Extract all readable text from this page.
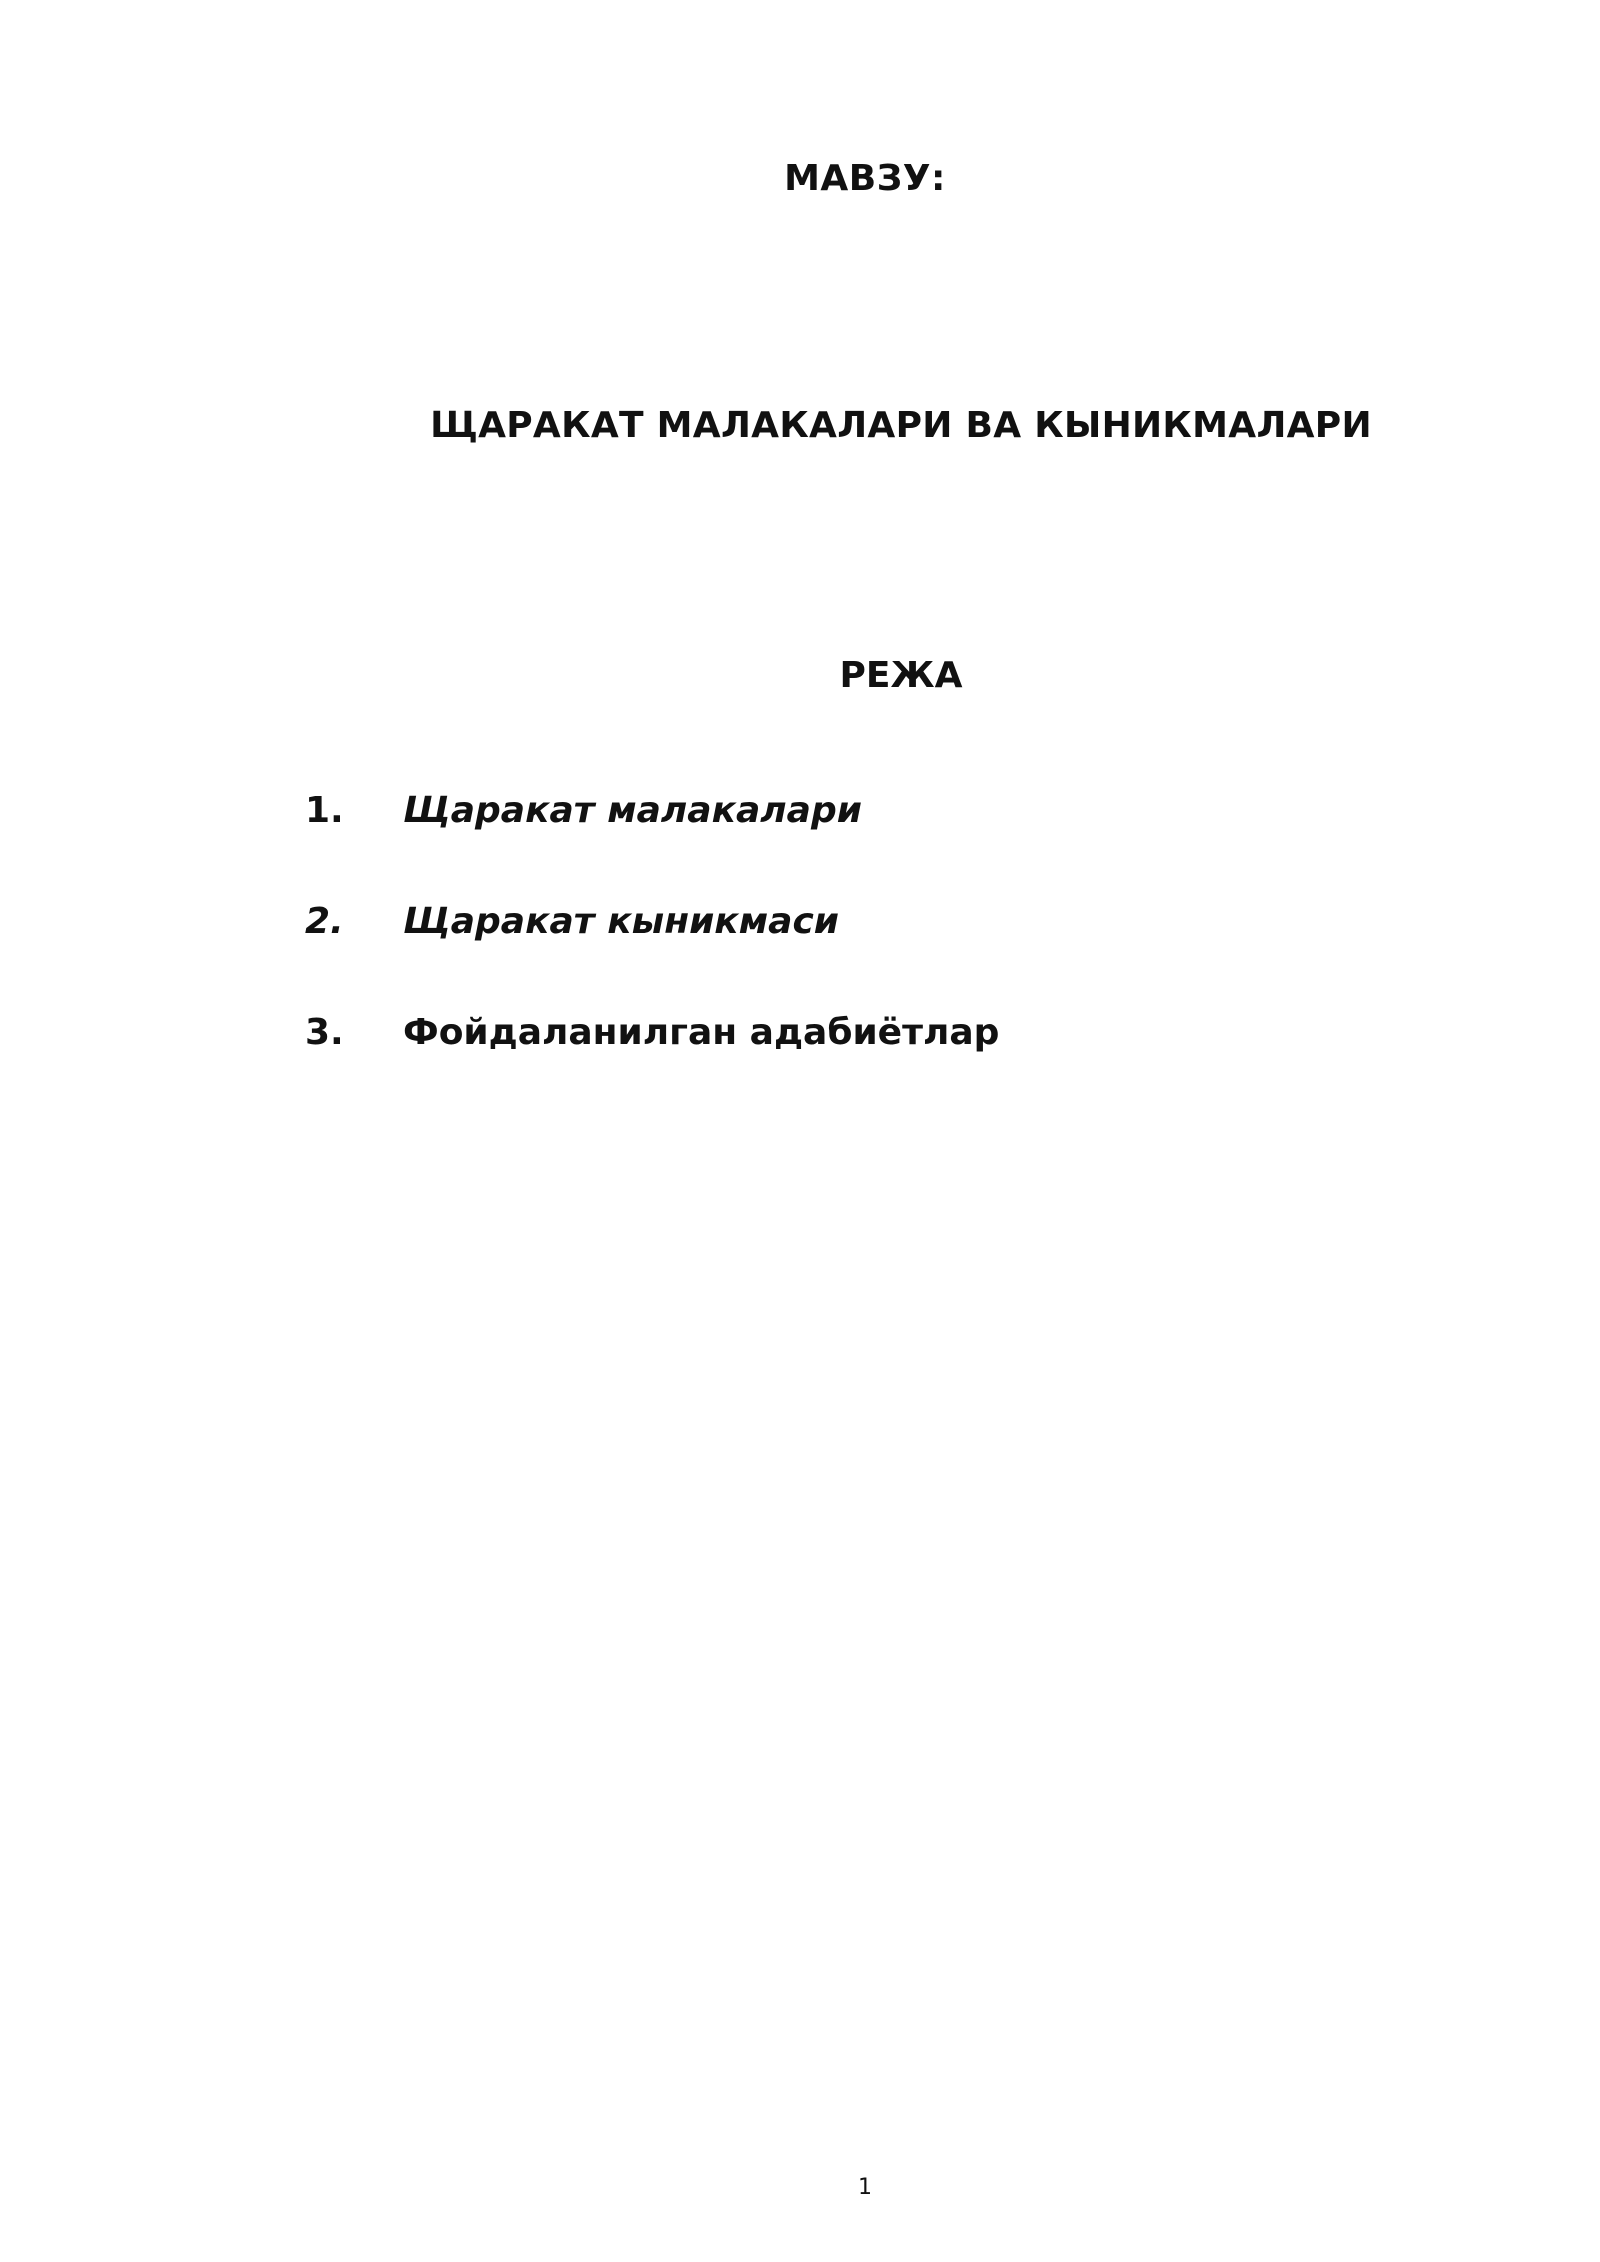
МАВЗУ:
ЩАРАКАТ МАЛАКАЛАРИ ВА КЫНИКМАЛАРИ
РЕЖА
1.	Щаракат малакалари
2.	Щаракат кыникмаси
3.	Фойдаланилган адабиётлар
1
